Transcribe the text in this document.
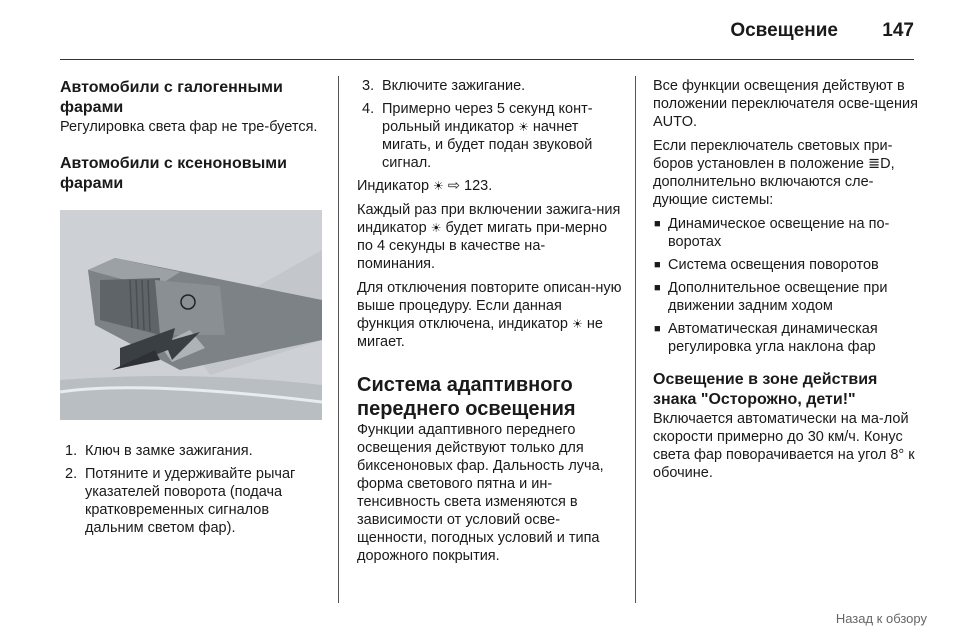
Освещение 147
Автомобили с галогенными фарами

Регулировка света фар не тре-буется.

Автомобили с ксеноновыми фарами
1. Ключ в замке зажигания.
2. Потяните и удерживайте рычаг указателей поворота (подача кратковременных сигналов дальним светом фар).
3. Включите зажигание.
4. Примерно через 5 секунд конт-рольный индикатор ☀ начнет мигать, и будет подан звуковой сигнал.

Индикатор ☀ ⇨ 123.

Каждый раз при включении зажига-ния индикатор ☀ будет мигать при-мерно по 4 секунды в качестве на-поминания.

Для отключения повторите описан-ную выше процедуру. Если данная функция отключена, индикатор ☀ не мигает.

Система адаптивного переднего освещения

Функции адаптивного переднего освещения действуют только для биксеноновых фар. Дальность луча, форма светового пятна и ин-тенсивность света изменяются в зависимости от условий осве-щенности, погодных условий и типа дорожного покрытия.

Все функции освещения действуют в положении переключателя осве-щения AUTO.

Если переключатель световых при-боров установлен в положение ≣D, дополнительно включаются сле-дующие системы:

■ Динамическое освещение на по-воротах
■ Система освещения поворотов
■ Дополнительное освещение при движении задним ходом
■ Автоматическая динамическая регулировка угла наклона фар
Освещение в зоне действия знака "Осторожно, дети!"

Включается автоматически на ма-лой скорости примерно до 30 км/ч. Конус света фар поворачивается на угол 8° к обочине.

Назад к обзору
